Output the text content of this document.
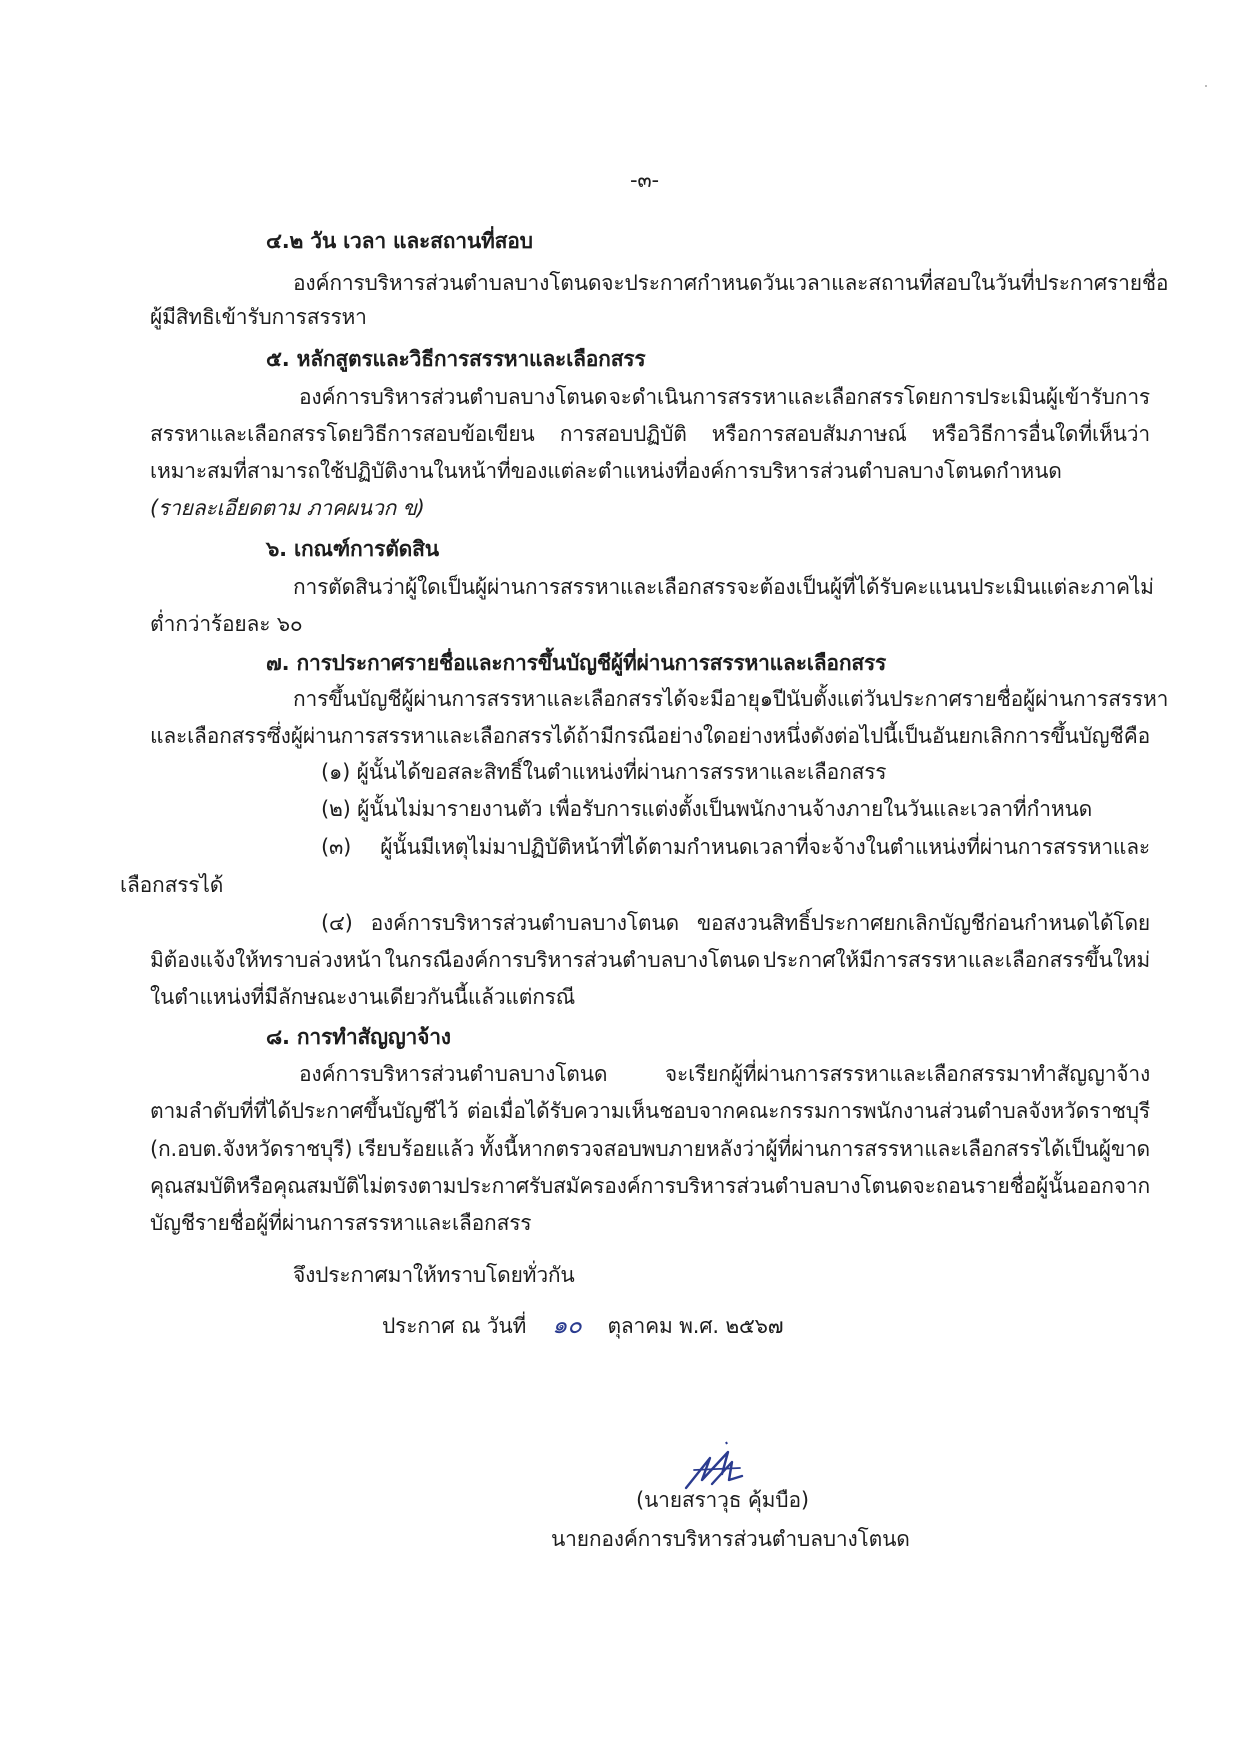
-๓-
๔.๒ วัน เวลา และสถานที่สอบ
องค์การบริหารส่วนตำบลบางโตนดจะประกาศกำหนดวัน เวลา และสถานที่สอบในวันที่ประกาศรายชื่อ
ผู้มีสิทธิเข้ารับการสรรหา
๕. หลักสูตรและวิธีการสรรหาและเลือกสรร
องค์การบริหารส่วนตำบลบางโตนด จะดำเนินการสรรหาและเลือกสรรโดยการประเมินผู้เข้ารับการ
สรรหาและเลือกสรรโดยวิธีการสอบข้อเขียน การสอบปฏิบัติ หรือการสอบสัมภาษณ์ หรือวิธีการอื่นใดที่เห็นว่า
เหมาะสมที่สามารถใช้ปฏิบัติงานในหน้าที่ของแต่ละตำแหน่งที่องค์การบริหารส่วนตำบลบางโตนดกำหนด
(รายละเอียดตาม ภาคผนวก ข)
๖. เกณฑ์การตัดสิน
การตัดสินว่าผู้ใดเป็นผู้ผ่านการสรรหาและเลือกสรรจะต้องเป็นผู้ที่ได้รับคะแนนประเมินแต่ละภาคไม่
ต่ำกว่าร้อยละ ๖๐
๗. การประกาศรายชื่อและการขึ้นบัญชีผู้ที่ผ่านการสรรหาและเลือกสรร
การขึ้นบัญชีผู้ผ่านการสรรหาและเลือกสรรได้จะมีอายุ ๑ ปี นับตั้งแต่วันประกาศรายชื่อผู้ผ่านการสรรหา
และเลือกสรร ซึ่งผู้ผ่านการสรรหาและเลือกสรรได้ถ้ามีกรณีอย่างใดอย่างหนึ่งดังต่อไปนี้ เป็นอันยกเลิกการขึ้นบัญชี คือ
(๑) ผู้นั้นได้ขอสละสิทธิ์ในตำแหน่งที่ผ่านการสรรหาและเลือกสรร
(๒) ผู้นั้นไม่มารายงานตัว เพื่อรับการแต่งตั้งเป็นพนักงานจ้างภายในวันและเวลาที่กำหนด
(๓) ผู้นั้นมีเหตุไม่มาปฏิบัติหน้าที่ได้ตามกำหนดเวลาที่จะจ้างในตำแหน่งที่ผ่านการสรรหาและ
เลือกสรรได้
(๔) องค์การบริหารส่วนตำบลบางโตนด ขอสงวนสิทธิ์ประกาศยกเลิกบัญชีก่อนกำหนดได้โดย
มิต้องแจ้งให้ทราบล่วงหน้า ในกรณีองค์การบริหารส่วนตำบลบางโตนด ประกาศให้มีการสรรหาและเลือกสรรขึ้นใหม่
ในตำแหน่งที่มีลักษณะงานเดียวกันนี้แล้วแต่กรณี
๘. การทำสัญญาจ้าง
องค์การบริหารส่วนตำบลบางโตนด	จะเรียกผู้ที่ผ่านการสรรหาและเลือกสรรมาทำสัญญาจ้าง
ตามลำดับที่ที่ได้ประกาศขึ้นบัญชีไว้ ต่อเมื่อได้รับความเห็นชอบจากคณะกรรมการพนักงานส่วนตำบลจังหวัดราชบุรี
(ก.อบต.จังหวัดราชบุรี) เรียบร้อยแล้ว ทั้งนี้หากตรวจสอบพบภายหลังว่าผู้ที่ผ่านการสรรหาและเลือกสรรได้เป็นผู้ขาด
คุณสมบัติหรือคุณสมบัติไม่ตรงตามประกาศรับสมัคร องค์การบริหารส่วนตำบลบางโตนดจะถอนรายชื่อผู้นั้นออกจาก
บัญชีรายชื่อผู้ที่ผ่านการสรรหาและเลือกสรร
จึงประกาศมาให้ทราบโดยทั่วกัน
ประกาศ ณ วันที่ ๑๐ ตุลาคม พ.ศ. ๒๕๖๗
(นายสราวุธ คุ้มบือ)
นายกองค์การบริหารส่วนตำบลบางโตนด
